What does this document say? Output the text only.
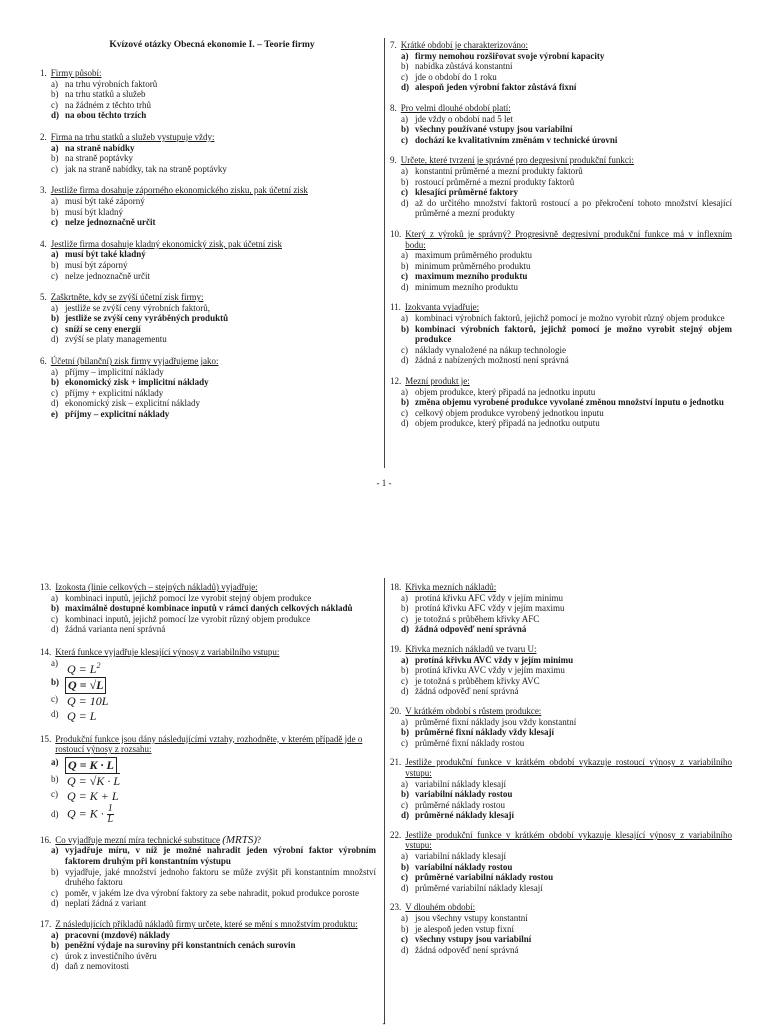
Kvízové otázky Obecná ekonomie I. – Teorie firmy
1. Firmy působí:
a) na trhu výrobních faktorů
b) na trhu statků a služeb
c) na žádném z těchto trhů
d) na obou těchto trzích
2. Firma na trhu statků a služeb vystupuje vždy:
a) na straně nabídky
b) na straně poptávky
c) jak na straně nabídky, tak na straně poptávky
3. Jestliže firma dosahuje záporného ekonomického zisku, pak účetní zisk
a) musí být také záporný
b) musí být kladný
c) nelze jednoznačně určit
4. Jestliže firma dosahuje kladný ekonomický zisk, pak účetní zisk
a) musí být také kladný
b) musí být záporný
c) nelze jednoznačně určit
5. Zaškrtněte, kdy se zvýší účetní zisk firmy:
a) jestliže se zvýší ceny výrobních faktorů,
b) jestliže se zvýší ceny vyráběných produktů
c) sníží se ceny energií
d) zvýší se platy managementu
6. Účetní (bilanční) zisk firmy vyjadřujeme jako:
a) příjmy – implicitní náklady
b) ekonomický zisk + implicitní náklady
c) příjmy + explicitní náklady
d) ekonomický zisk – explicitní náklady
e) příjmy – explicitní náklady
7. Krátké období je charakterizováno:
a) firmy nemohou rozšiřovat svoje výrobní kapacity
b) nabídka zůstává konstantní
c) jde o období do 1 roku
d) alespoň jeden výrobní faktor zůstává fixní
8. Pro velmi dlouhé období platí:
a) jde vždy o období nad 5 let
b) všechny používané vstupy jsou variabilní
c) dochází ke kvalitativním změnám v technické úrovni
9. Určete, které tvrzení je správné pro degresivní produkční funkci:
a) konstantní průměrné a mezní produkty faktorů
b) rostoucí průměrné a mezní produkty faktorů
c) klesající průměrné faktory
d) až do určitého množství faktorů rostoucí a po překročení tohoto množství klesající průměrné a mezní produkty
10. Který z výroků je správný? Progresivně degresivní produkční funkce má v inflexním bodu:
a) maximum průměrného produktu
b) minimum průměrného produktu
c) maximum mezního produktu
d) minimum mezního produktu
11. Izokvanta vyjadřuje:
a) kombinaci výrobních faktorů, jejichž pomocí je možno vyrobit různý objem produkce
b) kombinaci výrobních faktorů, jejichž pomocí je možno vyrobit stejný objem produkce
c) náklady vynaložené na nákup technologie
d) žádná z nabízených možností není správná
12. Mezní produkt je:
a) objem produkce, který připadá na jednotku inputu
b) změna objemu vyrobené produkce vyvolané změnou množství inputu o jednotku
c) celkový objem produkce vyrobený jednotkou inputu
d) objem produkce, který připadá na jednotku outputu
- 1 -
13. Izokosta (linie celkových – stejných nákladů) vyjadřuje:
a) kombinaci inputů, jejichž pomocí lze vyrobit stejný objem produkce
b) maximálně dostupné kombinace inputů v rámci daných celkových nákladů
c) kombinaci inputů, jejichž pomocí lze vyrobit různý objem produkce
d) žádná varianta není správná
14. Která funkce vyjadřuje klesající výnosy z variabilního vstupu:
a) $Q = L^2$
b) Q = √L
c) Q = 10L
d) Q = L
15. Produkční funkce jsou dány následujícími vztahy, rozhodněte, v kterém případě jde o rostoucí výnosy z rozsahu:
a) Q = K · L
b) Q = √K · L
c) Q = K + L
d) $Q = K \cdot \frac{1}{L}$
16. Co vyjadřuje mezní míra technické substituce (MRTS)?
a) vyjadřuje míru, v níž je možné nahradit jeden výrobní faktor výrobním faktorem druhým při konstantním výstupu
b) vyjadřuje, jaké množství jednoho faktoru se může zvýšit při konstantním množství druhého faktoru
c) poměr, v jakém lze dva výrobní faktory za sebe nahradit, pokud produkce poroste
d) neplatí žádná z variant
17. Z následujících příkladů nákladů firmy určete, které se mění s množstvím produktu:
a) pracovní (mzdové) náklady
b) peněžní výdaje na suroviny při konstantních cenách surovin
c) úrok z investičního úvěru
d) daň z nemovitosti
18. Křivka mezních nákladů:
a) protíná křivku AFC vždy v jejím minimu
b) protíná křivku AFC vždy v jejím maximu
c) je totožná s průběhem křivky AFC
d) žádná odpověď není správná
19. Křivka mezních nákladů ve tvaru U:
a) protíná křivku AVC vždy v jejím minimu
b) protíná křivku AVC vždy v jejím maximu
c) je totožná s průběhem křivky AVC
d) žádná odpověď není správná
20. V krátkém období s růstem produkce:
a) průměrné fixní náklady jsou vždy konstantní
b) průměrné fixní náklady vždy klesají
c) průměrné fixní náklady rostou
21. Jestliže produkční funkce v krátkém období vykazuje rostoucí výnosy z variabilního vstupu:
a) variabilní náklady klesají
b) variabilní náklady rostou
c) průměrné náklady rostou
d) průměrné náklady klesají
22. Jestliže produkční funkce v krátkém období vykazuje klesající výnosy z variabilního vstupu:
a) variabilní náklady klesají
b) variabilní náklady rostou
c) průměrné variabilní náklady rostou
d) průměrné variabilní náklady klesají
23. V dlouhém období:
a) jsou všechny vstupy konstantní
b) je alespoň jeden vstup fixní
c) všechny vstupy jsou variabilní
d) žádná odpověď není správná
-
